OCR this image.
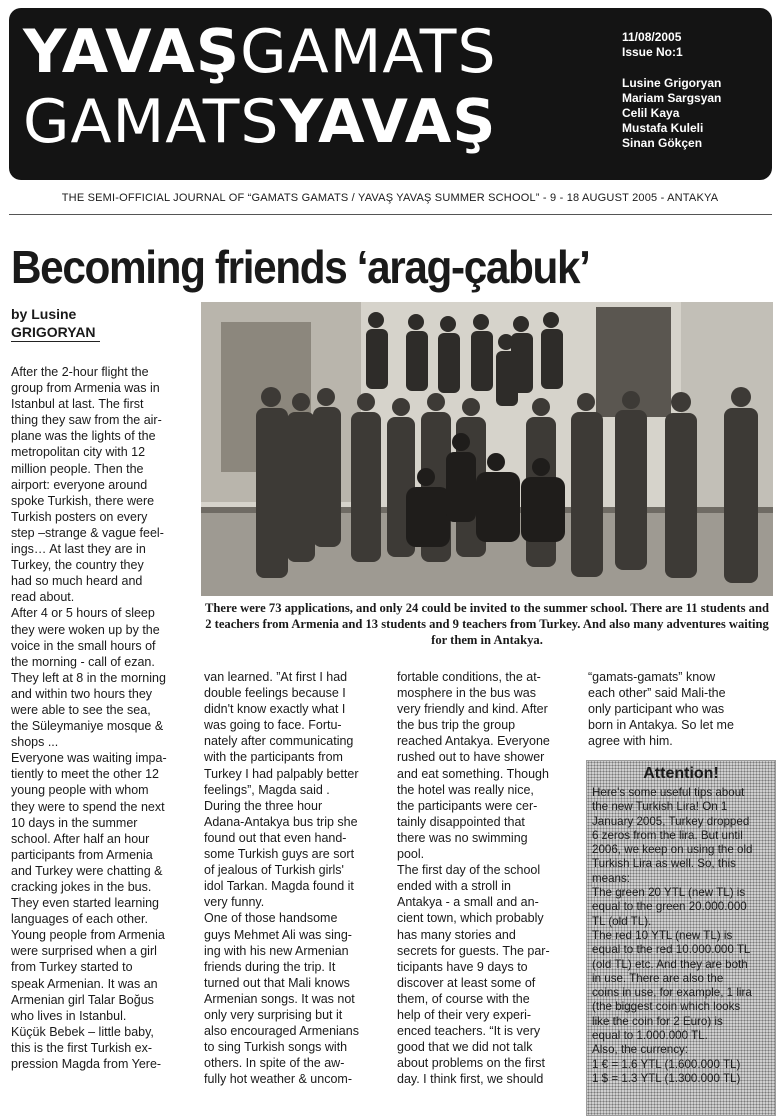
YAVAŞGAMATS
GAMATSYAVAŞ
11/08/2005
Issue No:1
Lusine Grigoryan
Mariam Sargsyan
Celil Kaya
Mustafa Kuleli
Sinan Gökçen
THE SEMI-OFFICIAL JOURNAL OF “GAMATS GAMATS / YAVAŞ YAVAŞ SUMMER SCHOOL” - 9 - 18 AUGUST 2005 - ANTAKYA
Becoming friends ‘arag-çabuk’
by Lusine
GRIGORYAN
There were 73 applications, and only 24 could be invited to the summer school. There are 11 students and 2 teachers from Armenia and 13 students and 9 teachers from Turkey. And also many adventures waiting for them in Antakya.
After the 2-hour flight the
group from Armenia was in
Istanbul at last. The first
thing they saw from the air-
plane was the lights of the
metropolitan city with 12
million people. Then the
airport: everyone around
spoke Turkish, there were
Turkish posters on every
step –strange & vague feel-
ings… At last they are in
Turkey, the country they
had so much heard and
read about.
After 4 or 5 hours of sleep
they were woken up by the
voice in the small hours of
the morning - call of ezan.
They left at 8 in the morning
and within two hours they
were able to see the sea,
the Süleymaniye mosque &
shops ...
Everyone was waiting impa-
tiently to meet the other 12
young people with whom
they were to spend the next
10 days in the summer
school. After half an hour
participants from Armenia
and Turkey were chatting &
cracking jokes in the bus.
They even started learning
languages of each other.
Young people from Armenia
were surprised when a girl
from Turkey started to
speak Armenian. It was an
Armenian girl Talar Boğus
who lives in Istanbul.
Küçük Bebek – little baby,
this is the first Turkish ex-
pression Magda from Yere-
van learned. ”At first I had
double feelings because I
didn't know exactly what I
was going to face. Fortu-
nately after communicating
with the participants from
Turkey I had palpably better
feelings”, Magda said .
During the three hour
Adana-Antakya bus trip she
found out that even hand-
some Turkish guys are sort
of jealous of Turkish girls'
idol Tarkan. Magda found it
very funny.
One of those handsome
guys Mehmet Ali was sing-
ing with his new Armenian
friends during the trip. It
turned out that Mali knows
Armenian songs. It was not
only very surprising but it
also encouraged Armenians
to sing Turkish songs with
others. In spite of the aw-
fully hot weather & uncom-
fortable conditions, the at-
mosphere in the bus was
very friendly and kind. After
the bus trip the group
reached Antakya. Everyone
rushed out to have shower
and eat something. Though
the hotel was really nice,
the participants were cer-
tainly disappointed that
there was no swimming
pool.
The first day of the school
ended with a stroll in
Antakya - a small and an-
cient town, which probably
has many stories and
secrets for guests. The par-
ticipants have 9 days to
discover at least some of
them, of course with the
help of their very experi-
enced teachers. “It is very
good that we did not talk
about problems on the first
day. I think first, we should
“gamats-gamats” know
each other” said Mali-the
only participant who was
born in Antakya. So let me
agree with him.
Attention!
Here's some useful tips about
the new Turkish Lira! On 1
January 2005, Turkey dropped
6 zeros from the lira. But until
2006, we keep on using the old
Turkish Lira as well. So, this
means:
The green 20 YTL (new TL) is
equal to the green 20.000.000
TL (old TL).
The red 10 YTL (new TL) is
equal to the red 10.000.000 TL
(old TL) etc. And they are both
in use. There are also the
coins in use, for example, 1 lira
(the biggest coin which looks
like the coin for 2 Euro) is
equal to 1.000.000 TL.
Also, the currency:
1 € = 1.6 YTL (1.600.000 TL)
1 $ = 1.3 YTL (1.300.000 TL)
